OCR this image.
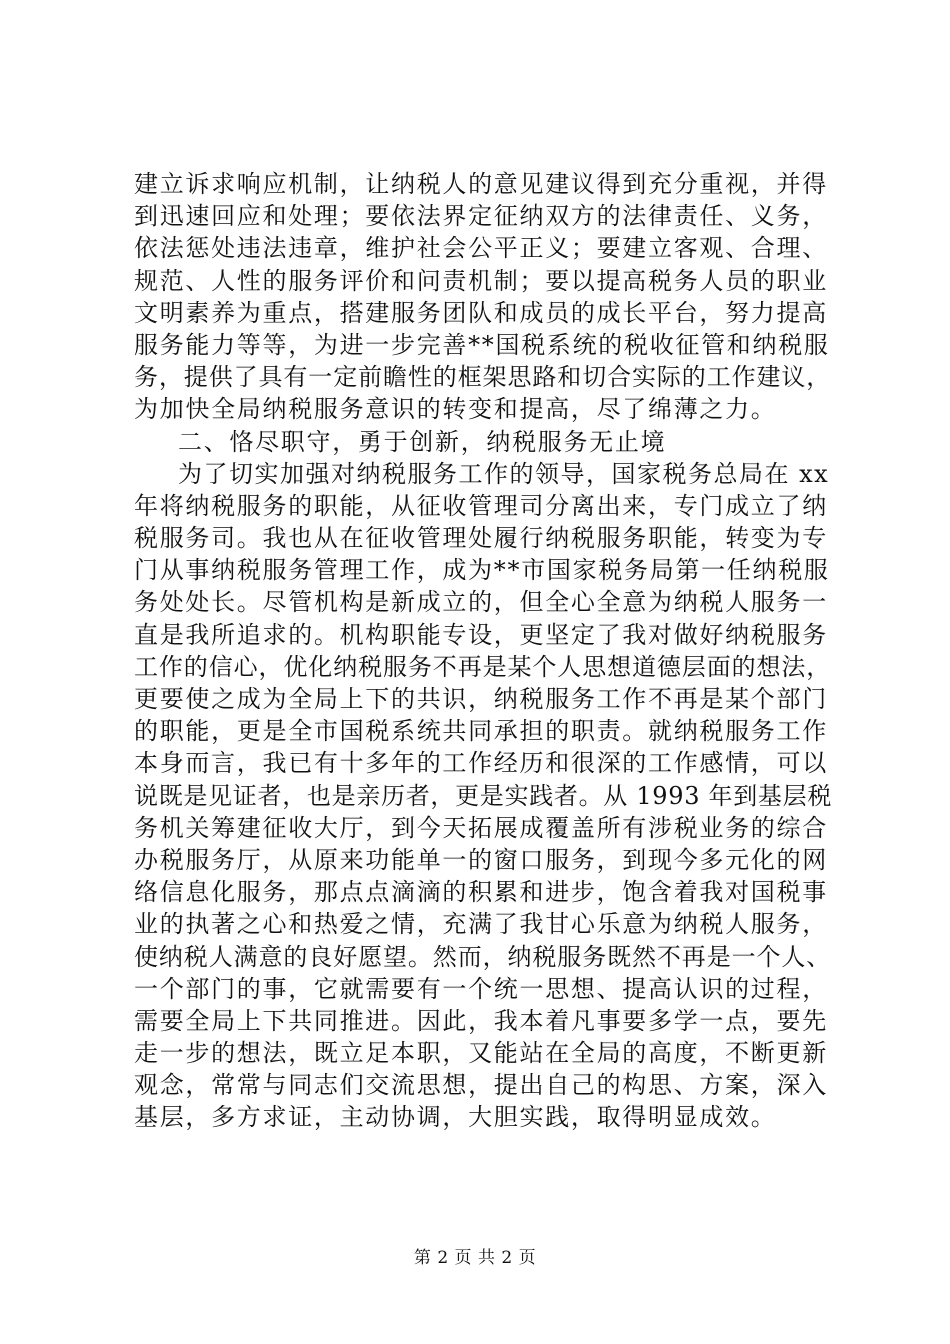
建立诉求响应机制，让纳税人的意见建议得到充分重视，并得
到迅速回应和处理；要依法界定征纳双方的法律责任、义务，
依法惩处违法违章，维护社会公平正义；要建立客观、合理、
规范、人性的服务评价和问责机制；要以提高税务人员的职业
文明素养为重点，搭建服务团队和成员的成长平台，努力提高
服务能力等等，为进一步完善**国税系统的税收征管和纳税服
务，提供了具有一定前瞻性的框架思路和切合实际的工作建议，
为加快全局纳税服务意识的转变和提高，尽了绵薄之力。
二、恪尽职守，勇于创新，纳税服务无止境
为了切实加强对纳税服务工作的领导，国家税务总局在 xx
年将纳税服务的职能，从征收管理司分离出来，专门成立了纳
税服务司。我也从在征收管理处履行纳税服务职能，转变为专
门从事纳税服务管理工作，成为**市国家税务局第一任纳税服
务处处长。尽管机构是新成立的，但全心全意为纳税人服务一
直是我所追求的。机构职能专设，更坚定了我对做好纳税服务
工作的信心，优化纳税服务不再是某个人思想道德层面的想法，
更要使之成为全局上下的共识，纳税服务工作不再是某个部门
的职能，更是全市国税系统共同承担的职责。就纳税服务工作
本身而言，我已有十多年的工作经历和很深的工作感情，可以
说既是见证者，也是亲历者，更是实践者。从 1993 年到基层税
务机关筹建征收大厅，到今天拓展成覆盖所有涉税业务的综合
办税服务厅，从原来功能单一的窗口服务，到现今多元化的网
络信息化服务，那点点滴滴的积累和进步，饱含着我对国税事
业的执著之心和热爱之情，充满了我甘心乐意为纳税人服务，
使纳税人满意的良好愿望。然而，纳税服务既然不再是一个人、
一个部门的事，它就需要有一个统一思想、提高认识的过程，
需要全局上下共同推进。因此，我本着凡事要多学一点，要先
走一步的想法，既立足本职，又能站在全局的高度，不断更新
观念，常常与同志们交流思想，提出自己的构思、方案，深入
基层，多方求证，主动协调，大胆实践，取得明显成效。
第 2 页 共 2 页
